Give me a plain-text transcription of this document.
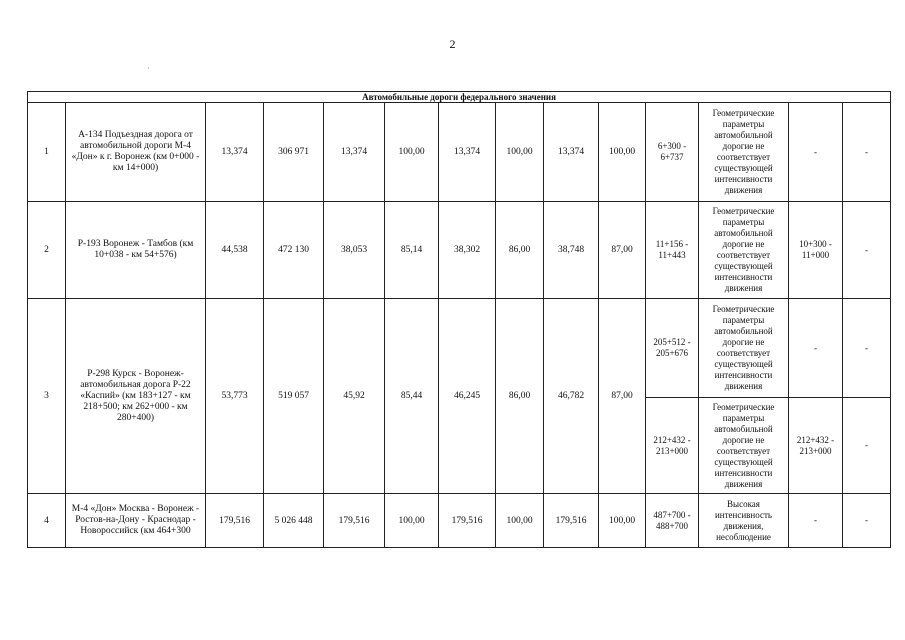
2
·
Автомобильные дороги федерального значения													
1	А-134 Подъездная дорога от автомобильной дороги М-4 «Дон» к г. Воронеж (км 0+000 - км 14+000)	13,374	306 971	13,374	100,00	13,374	100,00	13,374	100,00	6+300 - 6+737	Геометрические параметры автомобильной дорогие не соответствует существующей интенсивности движения	-	-
2	Р-193 Воронеж - Тамбов (км 10+038 - км 54+576)	44,538	472 130	38,053	85,14	38,302	86,00	38,748	87,00	11+156 - 11+443	Геометрические параметры автомобильной дорогие не соответствует существующей интенсивности движения	10+300 - 11+000	-
3	Р-298 Курск - Воронеж-автомобильная дорога Р-22 «Каспий» (км 183+127 - км 218+500; км 262+000 - км 280+400)	53,773	519 057	45,92	85,44	46,245	86,00	46,782	87,00	205+512 - 205+676	Геометрические параметры автомобильной дорогие не соответствует существующей интенсивности движения	-	-
										212+432 - 213+000	Геометрические параметры автомобильной дорогие не соответствует существующей интенсивности движения	212+432 - 213+000	-
4	М-4 «Дон» Москва - Воронеж - Ростов-на-Дону - Краснодар - Новороссийск (км 464+300	179,516	5 026 448	179,516	100,00	179,516	100,00	179,516	100,00	487+700 - 488+700	Высокая интенсивность движения, несоблюдение	-	-
